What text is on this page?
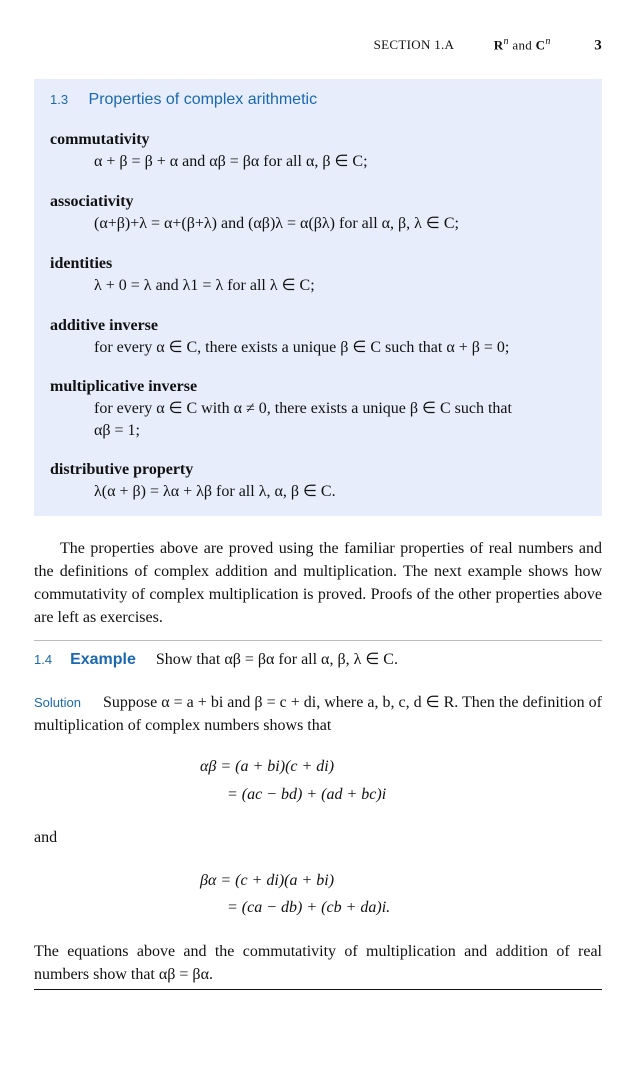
SECTION 1.A	$R^n$ and $C^n$	3
1.3 Properties of complex arithmetic
commutativity
α + β = β + α and αβ = βα for all α, β ∈ C;
associativity
(α+β)+λ = α+(β+λ) and (αβ)λ = α(βλ) for all α, β, λ ∈ C;
identities
λ + 0 = λ and λ1 = λ for all λ ∈ C;
additive inverse
for every α ∈ C, there exists a unique β ∈ C such that α + β = 0;
multiplicative inverse
for every α ∈ C with α ≠ 0, there exists a unique β ∈ C such that
αβ = 1;
distributive property
λ(α + β) = λα + λβ for all λ, α, β ∈ C.
The properties above are proved using the familiar properties of real numbers and the definitions of complex addition and multiplication. The next example shows how commutativity of complex multiplication is proved. Proofs of the other properties above are left as exercises.
1.4 Example Show that αβ = βα for all α, β, λ ∈ C.
Solution Suppose α = a + bi and β = c + di, where a, b, c, d ∈ R. Then the definition of multiplication of complex numbers shows that
αβ = (a + bi)(c + di)
= (ac − bd) + (ad + bc)i
and
βα = (c + di)(a + bi)
= (ca − db) + (cb + da)i.
The equations above and the commutativity of multiplication and addition of real numbers show that αβ = βα.
